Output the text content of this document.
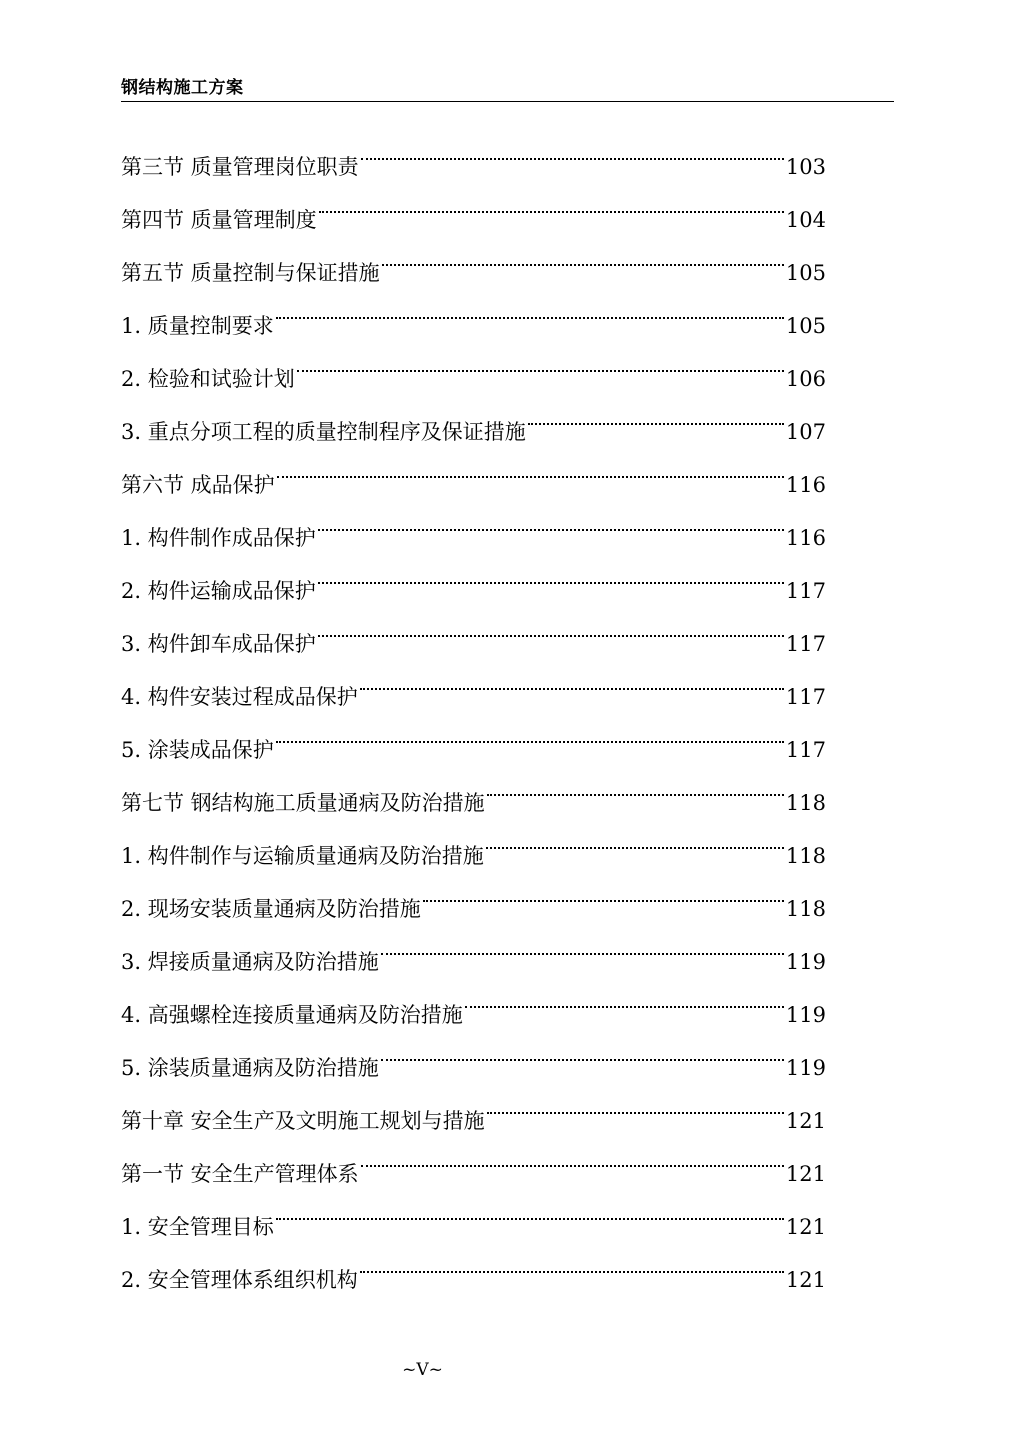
钢结构施工方案
第三节 质量管理岗位职责	103
第四节 质量管理制度	104
第五节 质量控制与保证措施	105
1. 质量控制要求	105
2. 检验和试验计划	106
3. 重点分项工程的质量控制程序及保证措施	107
第六节 成品保护	116
1. 构件制作成品保护	116
2. 构件运输成品保护	117
3. 构件卸车成品保护	117
4. 构件安装过程成品保护	117
5. 涂装成品保护	117
第七节 钢结构施工质量通病及防治措施	118
1. 构件制作与运输质量通病及防治措施	118
2. 现场安装质量通病及防治措施	118
3. 焊接质量通病及防治措施	119
4. 高强螺栓连接质量通病及防治措施	119
5. 涂装质量通病及防治措施	119
第十章 安全生产及文明施工规划与措施	121
第一节 安全生产管理体系	121
1. 安全管理目标	121
2. 安全管理体系组织机构	121
~V~
